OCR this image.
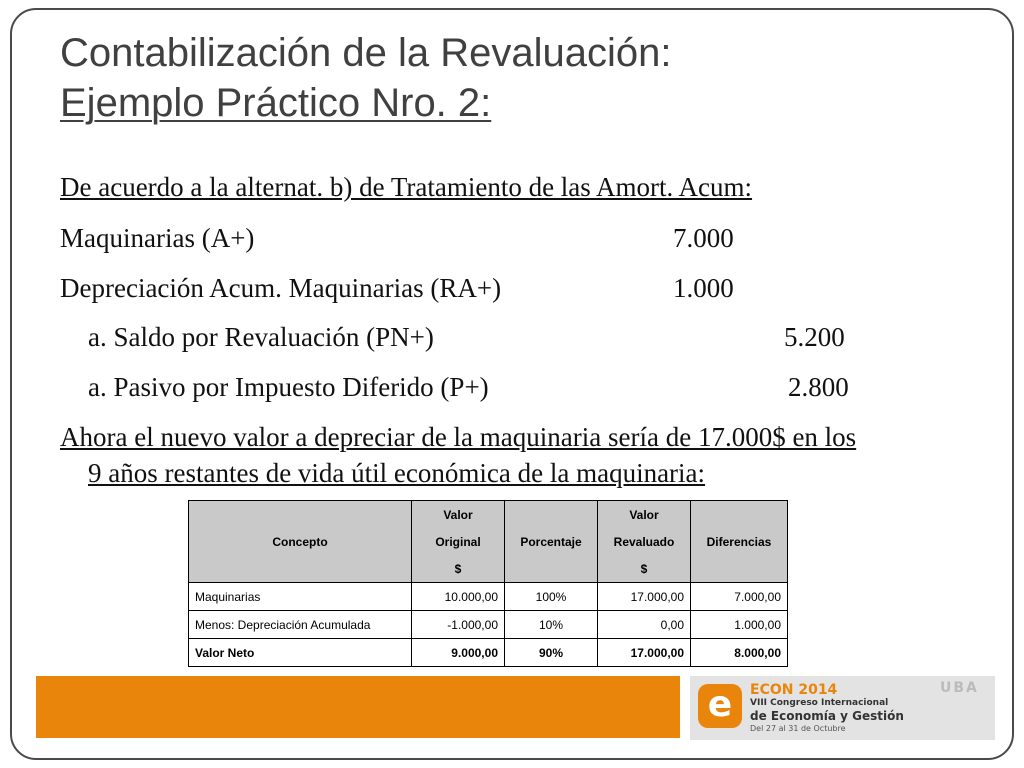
Contabilización de la Revaluación:
Ejemplo Práctico Nro. 2:
De acuerdo a la alternat. b) de Tratamiento de las Amort. Acum:
Maquinarias (A+)	7.000
Depreciación Acum. Maquinarias (RA+)	1.000
a. Saldo por Revaluación (PN+)	5.200
a. Pasivo por Impuesto Diferido (P+)	2.800
Ahora el nuevo valor a depreciar de la maquinaria sería de 17.000$ en los
9 años restantes de vida útil económica de la maquinaria:
Concepto	Valor	Porcentaje	Valor	Diferencias
	Original		Revaluado	
	$		$	
Maquinarias	10.000,00	100%	17.000,00	7.000,00
Menos: Depreciación Acumulada	-1.000,00	10%	0,00	1.000,00
Valor Neto	9.000,00	90%	17.000,00	8.000,00
e	ECON 2014
VIII Congreso Internacional
de Economía y Gestión
Del 27 al 31 de Octubre
UBA
